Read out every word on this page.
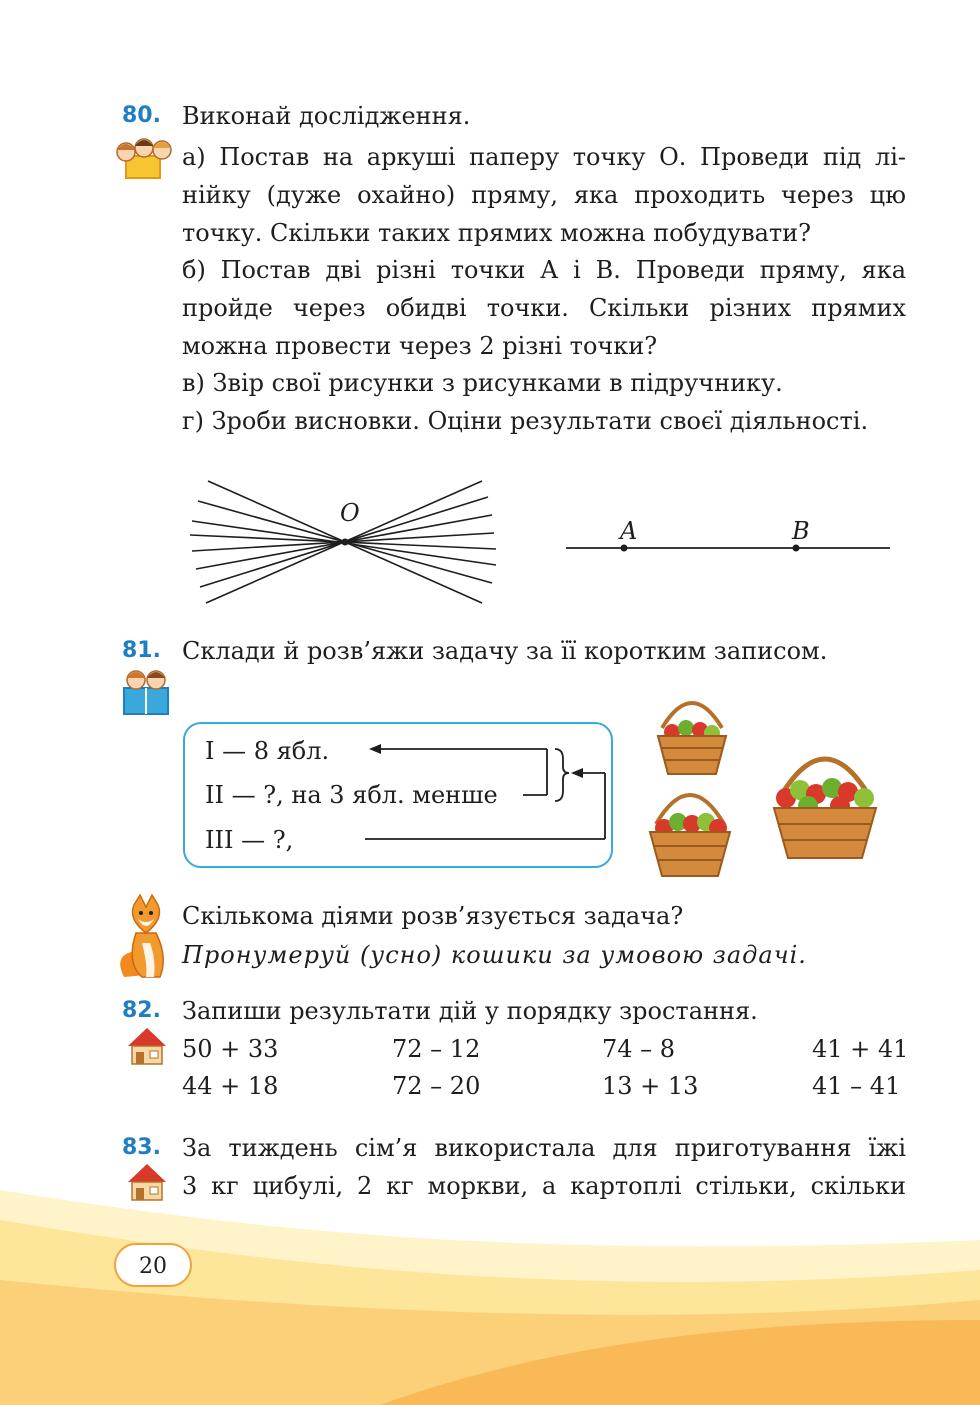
80. Виконай дослідження.
а) Постав на аркуші паперу точку О. Проведи під лі-
нійку (дуже охайно) пряму, яка проходить через цю
точку. Скільки таких прямих можна побудувати?
б) Постав дві різні точки А і В. Проведи пряму, яка
пройде через обидві точки. Скільки різних прямих
можна провести через 2 різні точки?
в) Звір свої рисунки з рисунками в підручнику.
г) Зроби висновки. Оціни результати своєї діяльності.
O
A	B
81. Склади й розв’яжи задачу за її коротким записом.
І — 8 ябл.
ІІ — ?, на 3 ябл. менше
ІІІ — ?,
Скількома діями розв’язується задача?
Пронумеруй (усно) кошики за умовою задачі.
82. Запиши результати дій у порядку зростання.
50 + 33	72 – 12	74 – 8	41 + 41
44 + 18	72 – 20	13 + 13	41 – 41
83. За тиждень сім’я використала для приготування їжі
3 кг цибулі, 2 кг моркви, а картоплі стільки, скільки
20
